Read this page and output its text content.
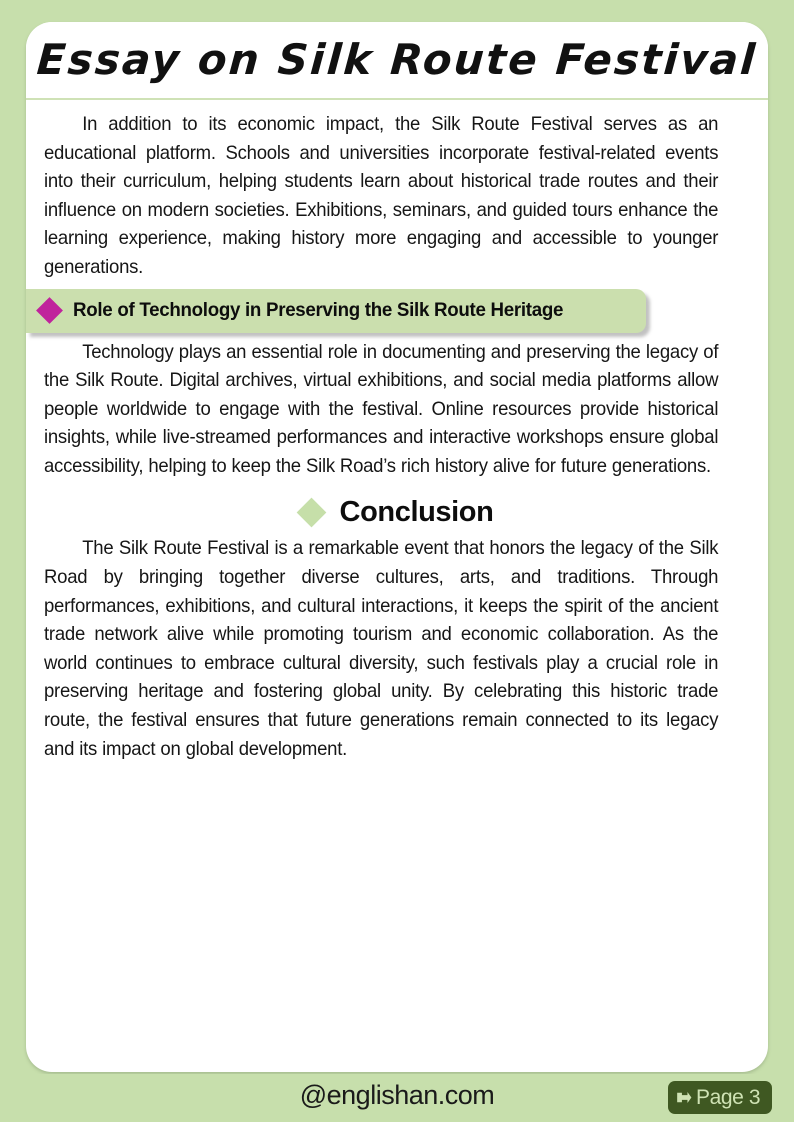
Essay on Silk Route Festival

In addition to its economic impact, the Silk Route Festival serves as an educational platform. Schools and universities incorporate festival-related events into their curriculum, helping students learn about historical trade routes and their influence on modern societies. Exhibitions, seminars, and guided tours enhance the learning experience, making history more engaging and accessible to younger generations.

Role of Technology in Preserving the Silk Route Heritage

Technology plays an essential role in documenting and preserving the legacy of the Silk Route. Digital archives, virtual exhibitions, and social media platforms allow people worldwide to engage with the festival. Online resources provide historical insights, while live-streamed performances and interactive workshops ensure global accessibility, helping to keep the Silk Road’s rich history alive for future generations.

Conclusion

The Silk Route Festival is a remarkable event that honors the legacy of the Silk Road by bringing together diverse cultures, arts, and traditions. Through performances, exhibitions, and cultural interactions, it keeps the spirit of the ancient trade network alive while promoting tourism and economic collaboration. As the world continues to embrace cultural diversity, such festivals play a crucial role in preserving heritage and fostering global unity. By celebrating this historic trade route, the festival ensures that future generations remain connected to its legacy and its impact on global development.

@englishan.com	Page 3
